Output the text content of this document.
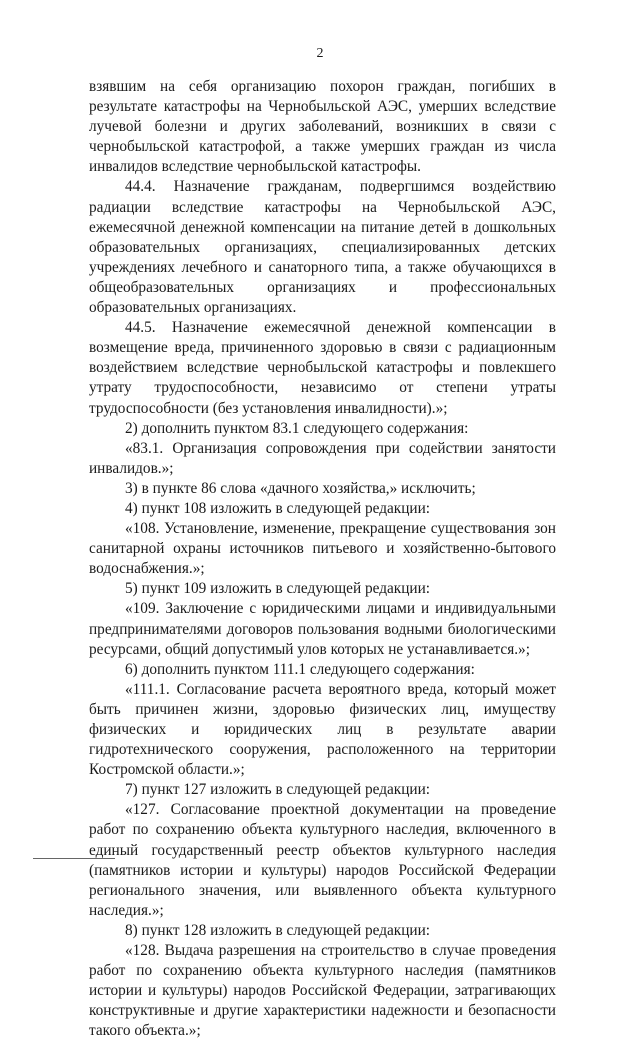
2

взявшим на себя организацию похорон граждан, погибших в результате катастрофы на Чернобыльской АЭС, умерших вследствие лучевой болезни и других заболеваний, возникших в связи с чернобыльской катастрофой, а также умерших граждан из числа инвалидов вследствие чернобыльской катастрофы.

44.4. Назначение гражданам, подвергшимся воздействию радиации вследствие катастрофы на Чернобыльской АЭС, ежемесячной денежной компенсации на питание детей в дошкольных образовательных организациях, специализированных детских учреждениях лечебного и санаторного типа, а также обучающихся в общеобразовательных организациях и профессиональных образовательных организациях.

44.5. Назначение ежемесячной денежной компенсации в возмещение вреда, причиненного здоровью в связи с радиационным воздействием вследствие чернобыльской катастрофы и повлекшего утрату трудоспособности, независимо от степени утраты трудоспособности (без установления инвалидности).»;

2) дополнить пунктом 83.1 следующего содержания:

«83.1. Организация сопровождения при содействии занятости инвалидов.»;

3) в пункте 86 слова «дачного хозяйства,» исключить;

4) пункт 108 изложить в следующей редакции:

«108. Установление, изменение, прекращение существования зон санитарной охраны источников питьевого и хозяйственно-бытового водоснабжения.»;

5) пункт 109 изложить в следующей редакции:

«109. Заключение с юридическими лицами и индивидуальными предпринимателями договоров пользования водными биологическими ресурсами, общий допустимый улов которых не устанавливается.»;

6) дополнить пунктом 111.1 следующего содержания:

«111.1. Согласование расчета вероятного вреда, который может быть причинен жизни, здоровью физических лиц, имуществу физических и юридических лиц в результате аварии гидротехнического сооружения, расположенного на территории Костромской области.»;

7) пункт 127 изложить в следующей редакции:

«127. Согласование проектной документации на проведение работ по сохранению объекта культурного наследия, включенного в единый государственный реестр объектов культурного наследия (памятников истории и культуры) народов Российской Федерации регионального значения, или выявленного объекта культурного наследия.»;

8) пункт 128 изложить в следующей редакции:

«128. Выдача разрешения на строительство в случае проведения работ по сохранению объекта культурного наследия (памятников истории и культуры) народов Российской Федерации, затрагивающих конструктивные и другие характеристики надежности и безопасности такого объекта.»;
